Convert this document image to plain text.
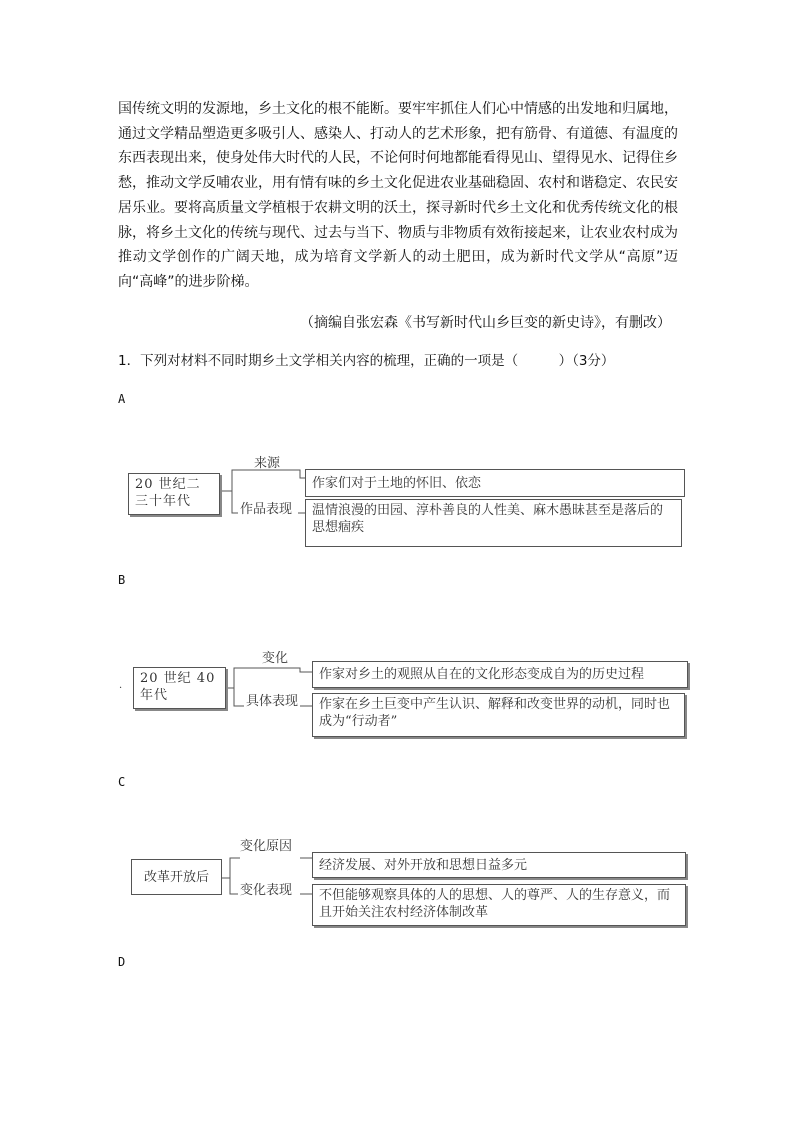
国传统文明的发源地，乡土文化的根不能断。要牢牢抓住人们心中情感的出发地和归属地，通过文学精品塑造更多吸引人、感染人、打动人的艺术形象，把有筋骨、有道德、有温度的东西表现出来，使身处伟大时代的人民，不论何时何地都能看得见山、望得见水、记得住乡愁，推动文学反哺农业，用有情有味的乡土文化促进农业基础稳固、农村和谐稳定、农民安居乐业。要将高质量文学植根于农耕文明的沃土，探寻新时代乡土文化和优秀传统文化的根脉，将乡土文化的传统与现代、过去与当下、物质与非物质有效衔接起来，让农业农村成为推动文学创作的广阔天地，成为培育文学新人的动土肥田，成为新时代文学从“高原”迈向“高峰”的进步阶梯。
（摘编自张宏森《书写新时代山乡巨变的新史诗》，有删改）
1．下列对材料不同时期乡土文学相关内容的梳理，正确的一项是（　　　）（3分）
A
20 世纪二三十年代
来源
作家们对于土地的怀旧、依恋
作品表现	温情浪漫的田园、淳朴善良的人性美、麻木愚昧甚至是落后的思想痼疾
B
·
20 世纪 40 年代
变化
作家对乡土的观照从自在的文化形态变成自为的历史过程
具体表现	作家在乡土巨变中产生认识、解释和改变世界的动机，同时也成为“行动者”
C
改革开放后
变化原因
经济发展、对外开放和思想日益多元
变化表现	不但能够观察具体的人的思想、人的尊严、人的生存意义，而且开始关注农村经济体制改革
D
